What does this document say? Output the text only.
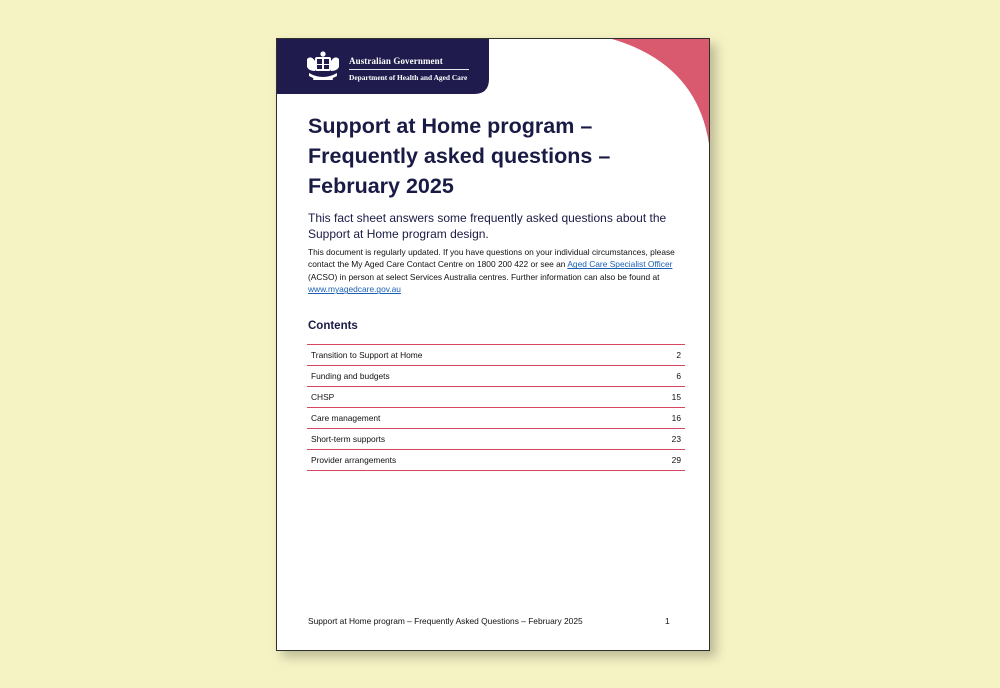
Australian Government
Department of Health and Aged Care
Support at Home program –
Frequently asked questions –
February 2025
This fact sheet answers some frequently asked questions about the Support at Home program design.
This document is regularly updated. If you have questions on your individual circumstances, please contact the My Aged Care Contact Centre on 1800 200 422 or see an Aged Care Specialist Officer (ACSO) in person at select Services Australia centres. Further information can also be found at www.myagedcare.gov.au
Contents
Transition to Support at Home	2
Funding and budgets	6
CHSP	15
Care management	16
Short-term supports	23
Provider arrangements	29
Support at Home program – Frequently Asked Questions – February 2025	1
